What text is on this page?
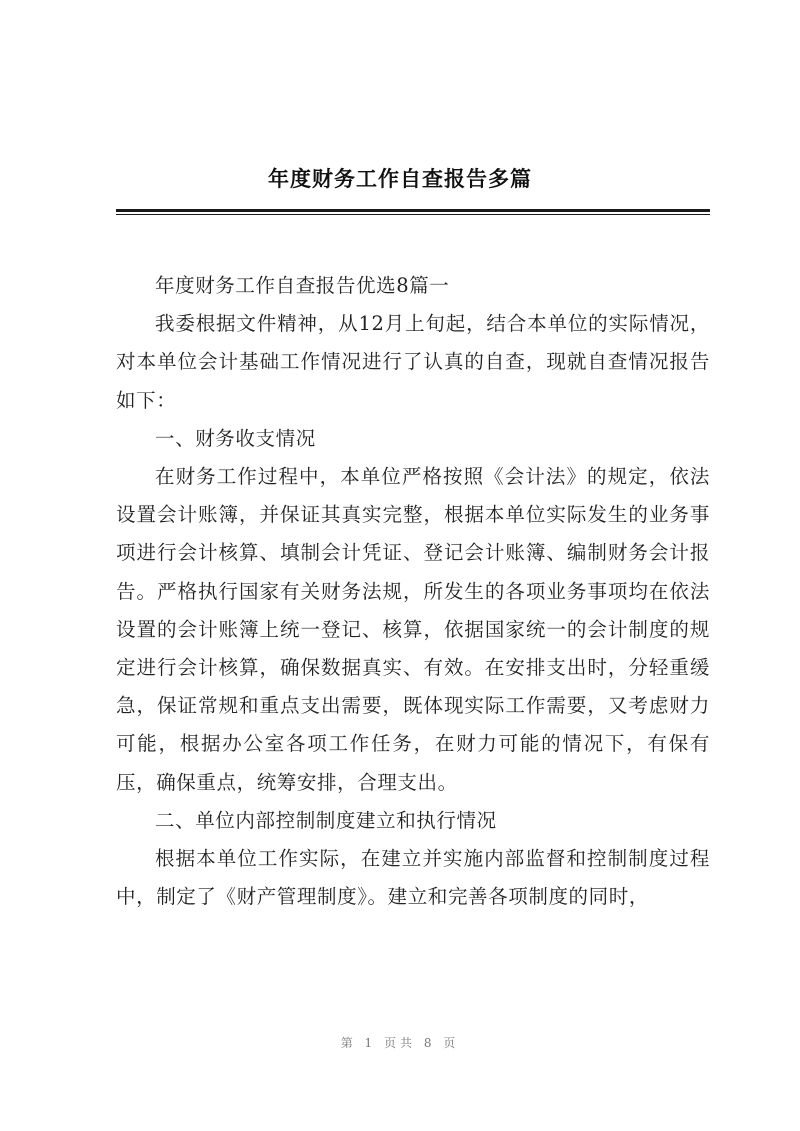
年度财务工作自查报告多篇

年度财务工作自查报告优选8篇一

我委根据文件精神，从12月上旬起，结合本单位的实际情况，对本单位会计基础工作情况进行了认真的自查，现就自查情况报告如下：

一、财务收支情况

在财务工作过程中，本单位严格按照《会计法》的规定，依法设置会计账簿，并保证其真实完整，根据本单位实际发生的业务事项进行会计核算、填制会计凭证、登记会计账簿、编制财务会计报告。严格执行国家有关财务法规，所发生的各项业务事项均在依法设置的会计账簿上统一登记、核算，依据国家统一的会计制度的规定进行会计核算，确保数据真实、有效。在安排支出时，分轻重缓急，保证常规和重点支出需要，既体现实际工作需要，又考虑财力可能，根据办公室各项工作任务，在财力可能的情况下，有保有压，确保重点，统筹安排，合理支出。

二、单位内部控制制度建立和执行情况

根据本单位工作实际，在建立并实施内部监督和控制制度过程中，制定了《财产管理制度》。建立和完善各项制度的同时，

第 1 页共 8 页
